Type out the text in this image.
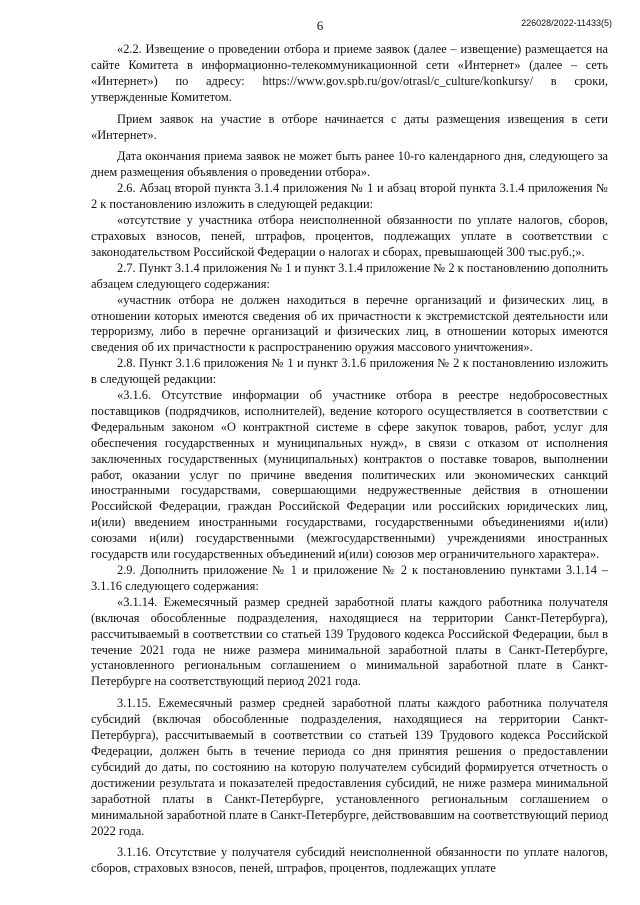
6	226028/2022-11433(5)

«2.2. Извещение о проведении отбора и приеме заявок (далее – извещение) размещается на сайте Комитета в информационно-телекоммуникационной сети «Интернет» (далее – сеть «Интернет») по адресу: https://www.gov.spb.ru/gov/otrasl/c_culture/konkursy/ в сроки, утвержденные Комитетом.

Прием заявок на участие в отборе начинается с даты размещения извещения в сети «Интернет».

Дата окончания приема заявок не может быть ранее 10-го календарного дня, следующего за днем размещения объявления о проведении отбора».

2.6. Абзац второй пункта 3.1.4 приложения № 1 и абзац второй пункта 3.1.4 приложения № 2 к постановлению изложить в следующей редакции:

«отсутствие у участника отбора неисполненной обязанности по уплате налогов, сборов, страховых взносов, пеней, штрафов, процентов, подлежащих уплате в соответствии с законодательством Российской Федерации о налогах и сборах, превышающей 300 тыс.руб.;».

2.7. Пункт 3.1.4 приложения № 1 и пункт 3.1.4 приложение № 2 к постановлению дополнить абзацем следующего содержания:

«участник отбора не должен находиться в перечне организаций и физических лиц, в отношении которых имеются сведения об их причастности к экстремистской деятельности или терроризму, либо в перечне организаций и физических лиц, в отношении которых имеются сведения об их причастности к распространению оружия массового уничтожения».

2.8. Пункт 3.1.6 приложения № 1 и пункт 3.1.6 приложения № 2 к постановлению изложить в следующей редакции:

«3.1.6. Отсутствие информации об участнике отбора в реестре недобросовестных поставщиков (подрядчиков, исполнителей), ведение которого осуществляется в соответствии с Федеральным законом «О контрактной системе в сфере закупок товаров, работ, услуг для обеспечения государственных и муниципальных нужд», в связи с отказом от исполнения заключенных государственных (муниципальных) контрактов о поставке товаров, выполнении работ, оказании услуг по причине введения политических или экономических санкций иностранными государствами, совершающими недружественные действия в отношении Российской Федерации, граждан Российской Федерации или российских юридических лиц, и(или) введением иностранными государствами, государственными объединениями и(или) союзами и(или) государственными (межгосударственными) учреждениями иностранных государств или государственных объединений и(или) союзов мер ограничительного характера».

2.9. Дополнить приложение № 1 и приложение № 2 к постановлению пунктами 3.1.14 – 3.1.16 следующего содержания:

«3.1.14. Ежемесячный размер средней заработной платы каждого работника получателя (включая обособленные подразделения, находящиеся на территории Санкт-Петербурга), рассчитываемый в соответствии со статьей 139 Трудового кодекса Российской Федерации, был в течение 2021 года не ниже размера минимальной заработной платы в Санкт-Петербурге, установленного региональным соглашением о минимальной заработной плате в Санкт-Петербурге на соответствующий период 2021 года.

3.1.15. Ежемесячный размер средней заработной платы каждого работника получателя субсидий (включая обособленные подразделения, находящиеся на территории Санкт-Петербурга), рассчитываемый в соответствии со статьей 139 Трудового кодекса Российской Федерации, должен быть в течение периода со дня принятия решения о предоставлении субсидий до даты, по состоянию на которую получателем субсидий формируется отчетность о достижении результата и показателей предоставления субсидий, не ниже размера минимальной заработной платы в Санкт-Петербурге, установленного региональным соглашением о минимальной заработной плате в Санкт-Петербурге, действовавшим на соответствующий период 2022 года.

3.1.16. Отсутствие у получателя субсидий неисполненной обязанности по уплате налогов, сборов, страховых взносов, пеней, штрафов, процентов, подлежащих уплате
